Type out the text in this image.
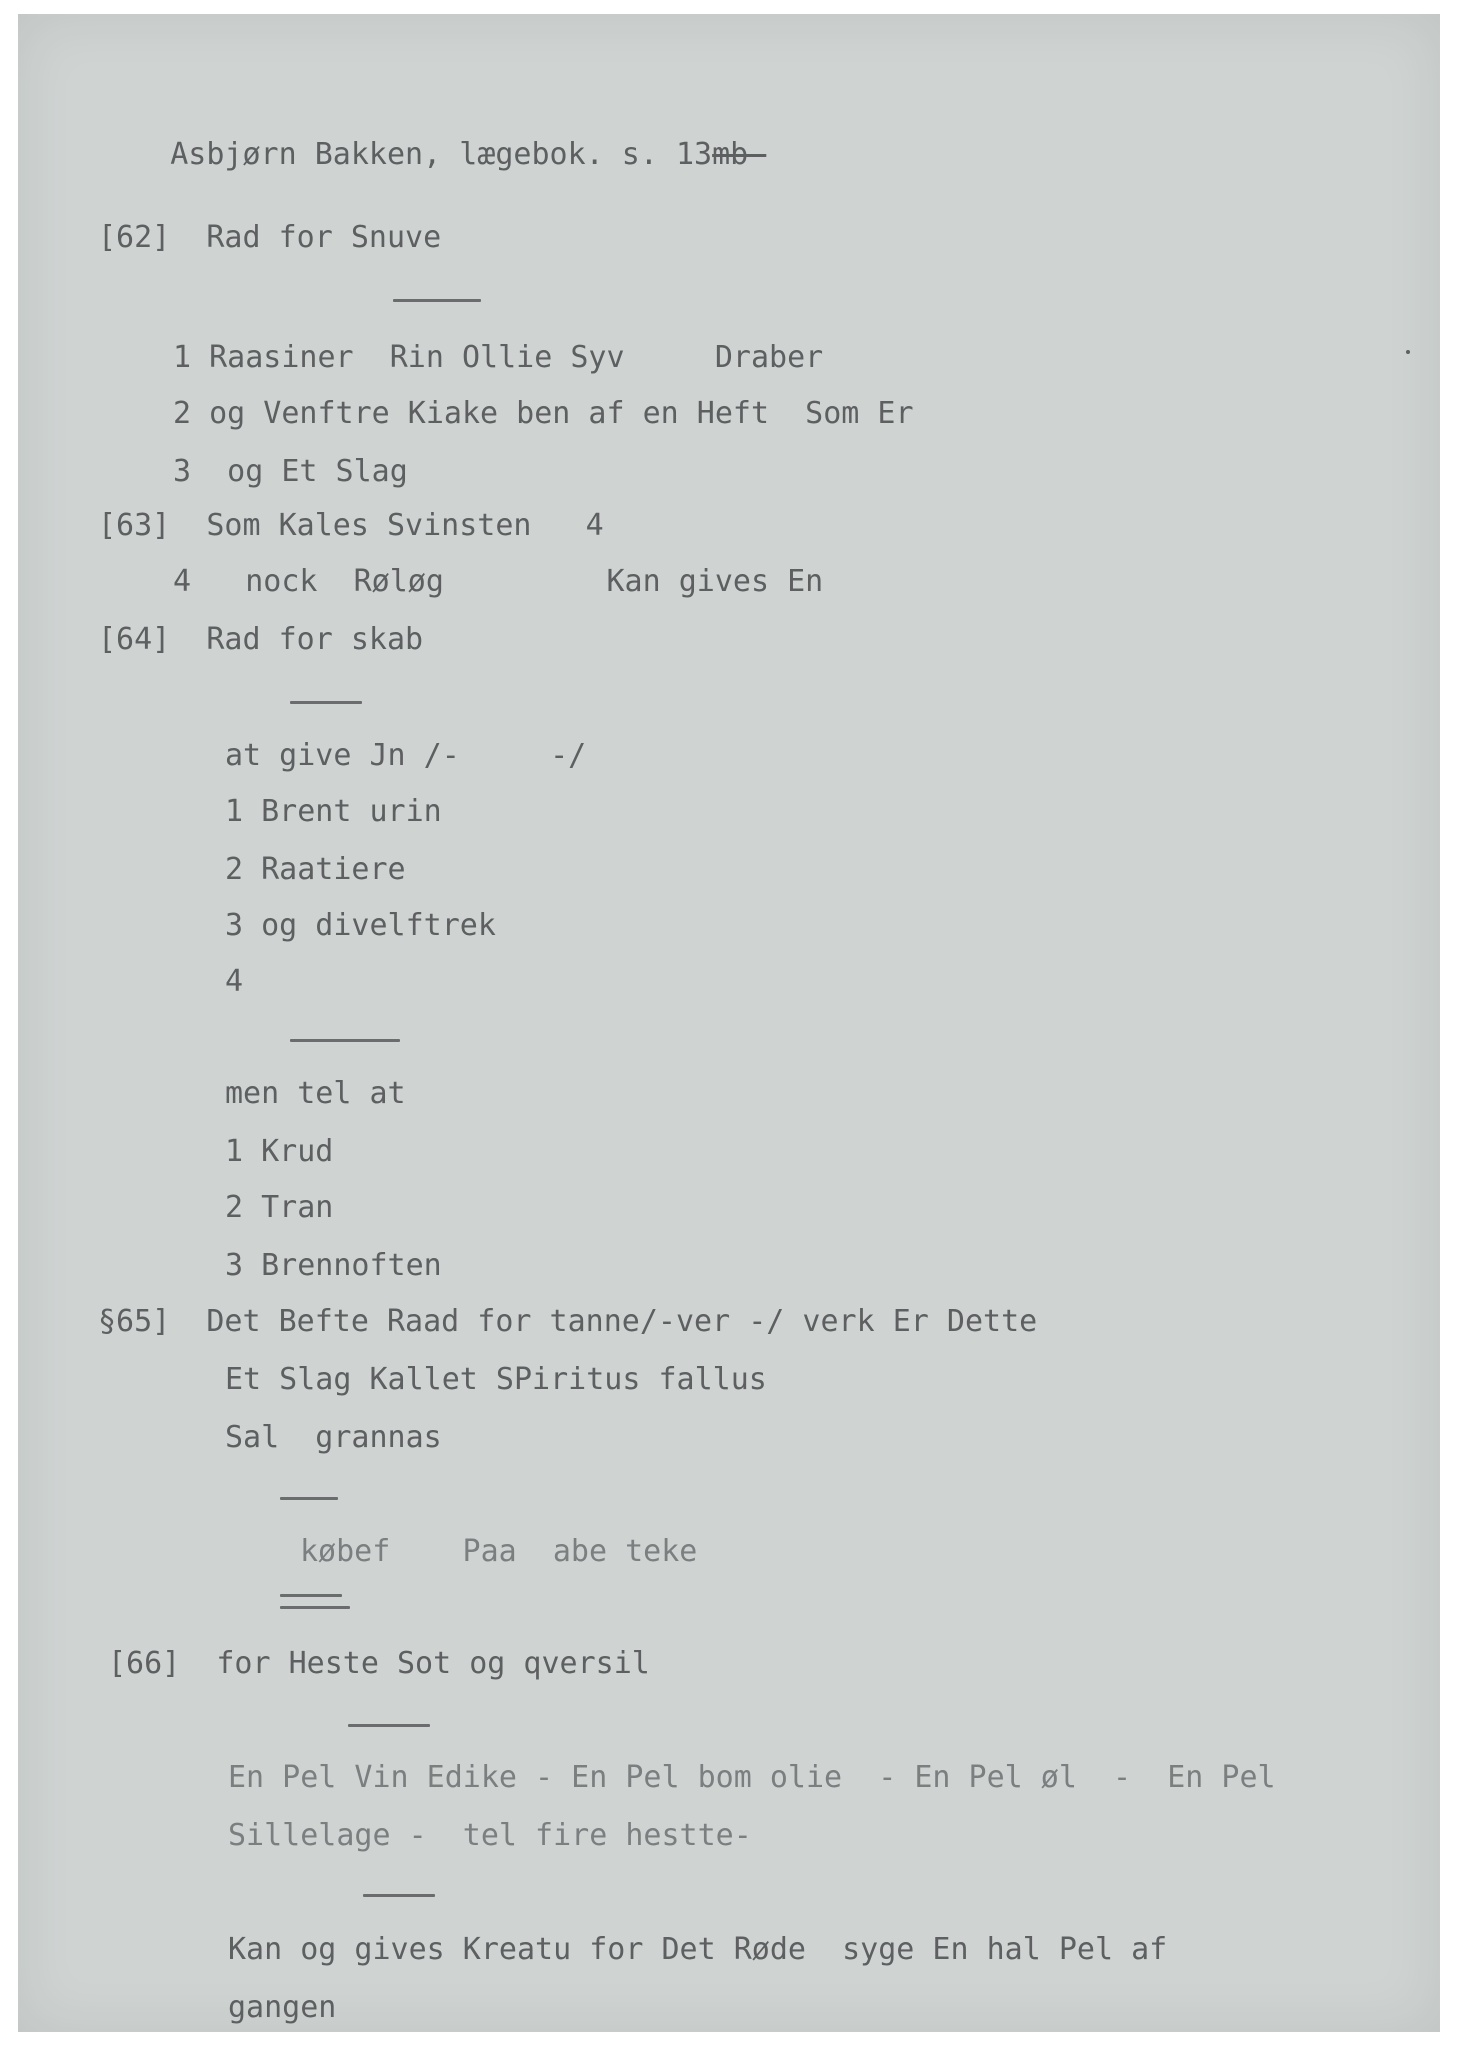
Asbjørn Bakken, lægebok. s. 13mb-

[62]  Rad for Snuve
1 Raasiner  Rin Ollie Syv     Draber
2 og Venftre Kiake ben af en Heft  Som Er
3  og Et Slag
[63]  Som Kales Svinsten   4
4   nock  Røløg         Kan gives En
[64]  Rad for skab
at give Jn /-     -/
1 Brent urin
2 Raatiere
3 og divelftrek
4
men tel at
1 Krud
2 Tran
3 Brennoften
§65]  Det Befte Raad for tanne/-ver -/ verk Er Dette
Et Slag Kallet SPiritus fallus
Sal  grannas
købef    Paa  abe teke
[66]  for Heste Sot og qversil
En Pel Vin Edike - En Pel bom olie  - En Pel øl  -  En Pel
Sillelage -  tel fire hestte-
Kan og gives Kreatu for Det Røde  syge En hal Pel af
gangen
